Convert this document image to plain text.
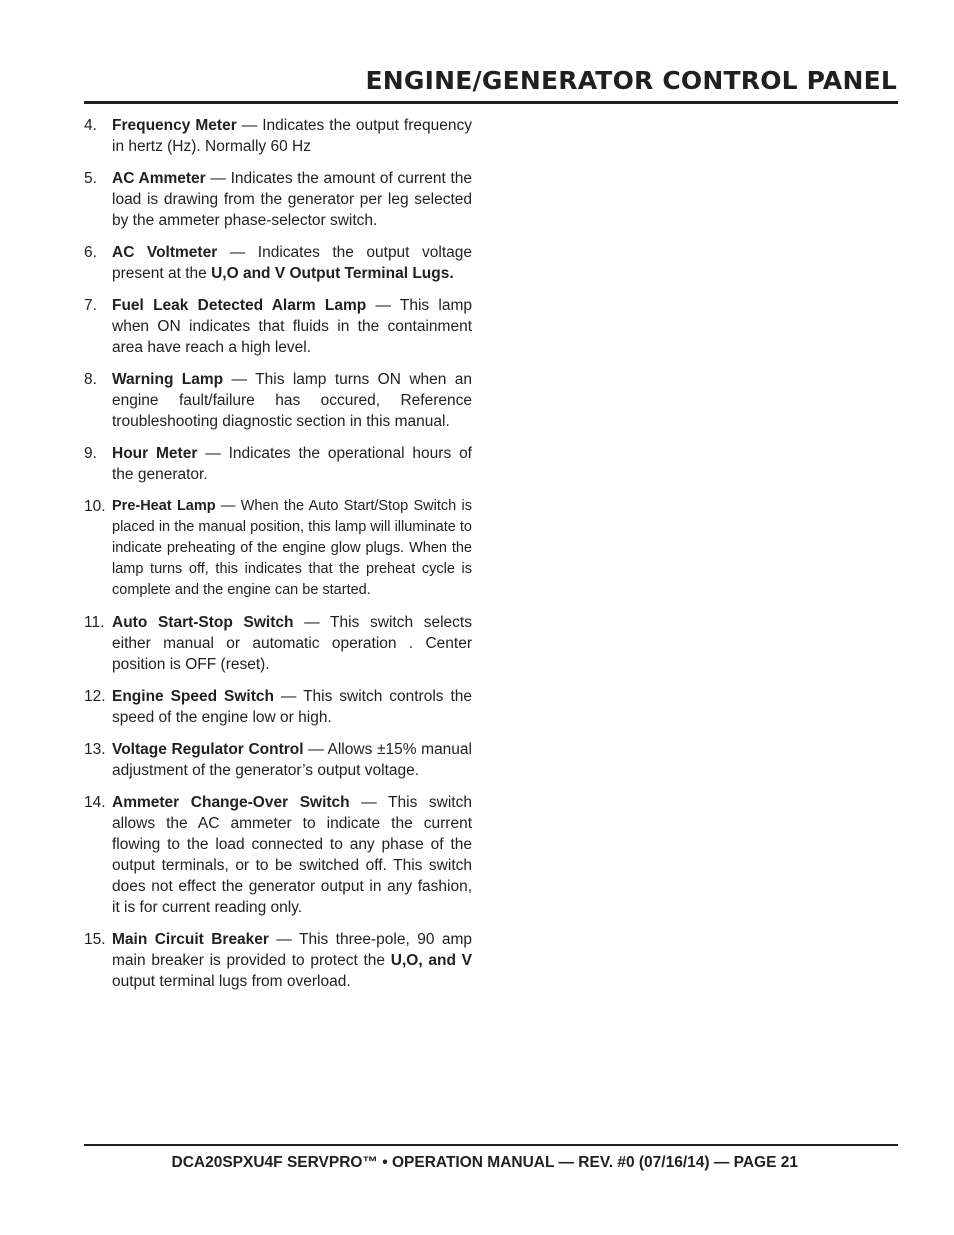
ENGINE/GENERATOR CONTROL PANEL
4. Frequency Meter — Indicates the output frequency in hertz (Hz). Normally 60 Hz
5. AC Ammeter — Indicates the amount of current the load is drawing from the generator per leg selected by the ammeter phase-selector switch.
6. AC Voltmeter — Indicates the output voltage present at the U,O and V Output Terminal Lugs.
7. Fuel Leak Detected Alarm Lamp — This lamp when ON indicates that fluids in the containment area have reach a high level.
8. Warning Lamp — This lamp turns ON when an engine fault/failure has occured, Reference troubleshooting diagnostic section in this manual.
9. Hour Meter — Indicates the operational hours of the generator.
10. Pre-Heat Lamp — When the Auto Start/Stop Switch is placed in the manual position, this lamp will illuminate to indicate preheating of the engine glow plugs. When the lamp turns off, this indicates that the preheat cycle is complete and the engine can be started.
11. Auto Start-Stop Switch — This switch selects either manual or automatic operation . Center position is OFF (reset).
12. Engine Speed Switch — This switch controls the speed of the engine low or high.
13. Voltage Regulator Control — Allows ±15% manual adjustment of the generator’s output voltage.
14. Ammeter Change-Over Switch — This switch allows the AC ammeter to indicate the current flowing to the load connected to any phase of the output terminals, or to be switched off. This switch does not effect the generator output in any fashion, it is for current reading only.
15. Main Circuit Breaker — This three-pole, 90 amp main breaker is provided to protect the U,O, and V output terminal lugs from overload.
DCA20SPXU4F SERVPRO™ • OPERATION MANUAL — REV. #0 (07/16/14) — PAGE 21
